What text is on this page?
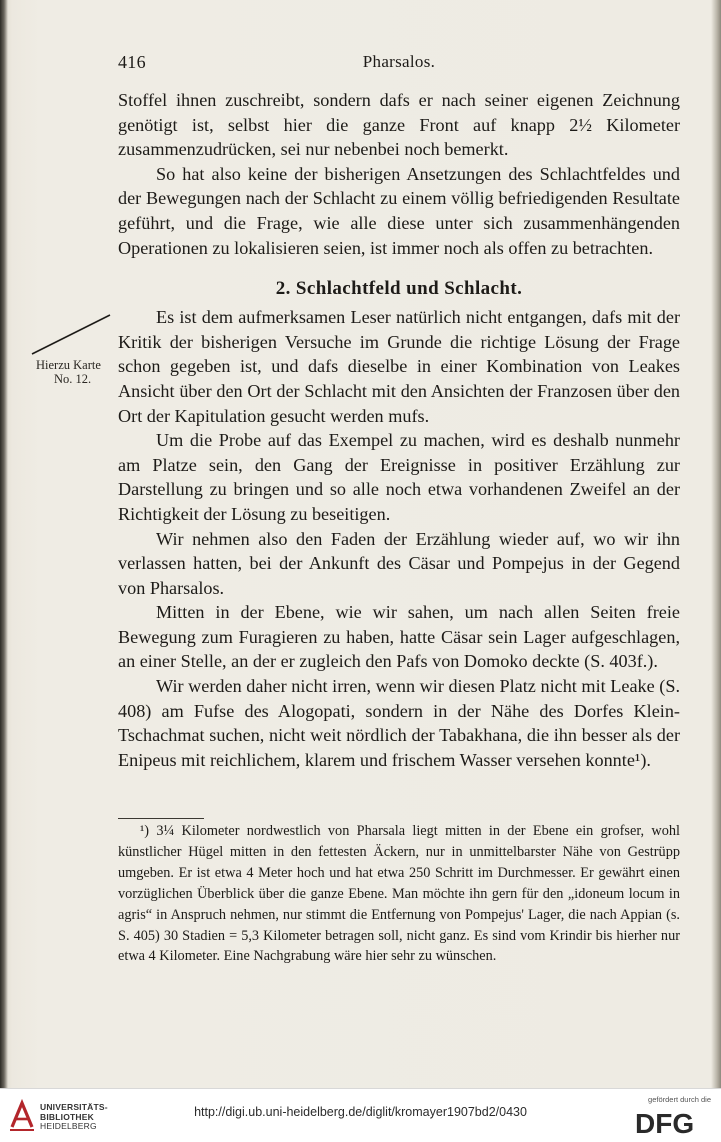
416	Pharsalos.
Hierzu Karte
No. 12.

Stoffel ihnen zuschreibt, sondern dafs er nach seiner eigenen Zeichnung genötigt ist, selbst hier die ganze Front auf knapp 2½ Kilometer zusammenzudrücken, sei nur nebenbei noch bemerkt.

So hat also keine der bisherigen Ansetzungen des Schlachtfeldes und der Bewegungen nach der Schlacht zu einem völlig befriedigenden Resultate geführt, und die Frage, wie alle diese unter sich zusammenhängenden Operationen zu lokalisieren seien, ist immer noch als offen zu betrachten.

2. Schlachtfeld und Schlacht.

Es ist dem aufmerksamen Leser natürlich nicht entgangen, dafs mit der Kritik der bisherigen Versuche im Grunde die richtige Lösung der Frage schon gegeben ist, und dafs dieselbe in einer Kombination von Leakes Ansicht über den Ort der Schlacht mit den Ansichten der Franzosen über den Ort der Kapitulation gesucht werden mufs.

Um die Probe auf das Exempel zu machen, wird es deshalb nunmehr am Platze sein, den Gang der Ereignisse in positiver Erzählung zur Darstellung zu bringen und so alle noch etwa vorhandenen Zweifel an der Richtigkeit der Lösung zu beseitigen.

Wir nehmen also den Faden der Erzählung wieder auf, wo wir ihn verlassen hatten, bei der Ankunft des Cäsar und Pompejus in der Gegend von Pharsalos.

Mitten in der Ebene, wie wir sahen, um nach allen Seiten freie Bewegung zum Furagieren zu haben, hatte Cäsar sein Lager aufgeschlagen, an einer Stelle, an der er zugleich den Pafs von Domoko deckte (S. 403f.).

Wir werden daher nicht irren, wenn wir diesen Platz nicht mit Leake (S. 408) am Fufse des Alogopati, sondern in der Nähe des Dorfes Klein-Tschachmat suchen, nicht weit nördlich der Tabakhana, die ihn besser als der Enipeus mit reichlichem, klarem und frischem Wasser versehen konnte¹).

¹) 3¼ Kilometer nordwestlich von Pharsala liegt mitten in der Ebene ein grofser, wohl künstlicher Hügel mitten in den fettesten Äckern, nur in unmittelbarster Nähe von Gestrüpp umgeben. Er ist etwa 4 Meter hoch und hat etwa 250 Schritt im Durchmesser. Er gewährt einen vorzüglichen Überblick über die ganze Ebene. Man möchte ihn gern für den „idoneum locum in agris“ in Anspruch nehmen, nur stimmt die Entfernung von Pompejus' Lager, die nach Appian (s. S. 405) 30 Stadien = 5,3 Kilometer betragen soll, nicht ganz. Es sind vom Krindir bis hierher nur etwa 4 Kilometer. Eine Nachgrabung wäre hier sehr zu wünschen.

UNIVERSITÄTS-
BIBLIOTHEK
HEIDELBERG
http://digi.ub.uni-heidelberg.de/diglit/kromayer1907bd2/0430
gefördert durch die
DFG
